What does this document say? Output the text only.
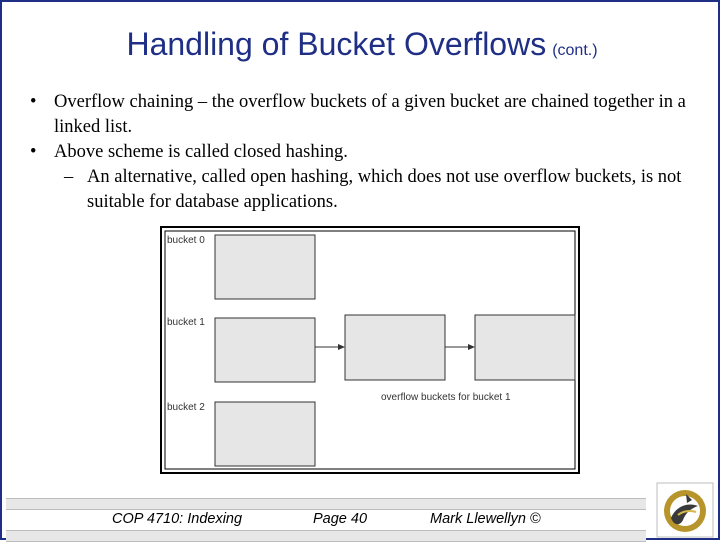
Handling of Bucket Overflows (cont.)
• Overflow chaining – the overflow buckets of a given bucket are chained together in a linked list.
• Above scheme is called closed hashing.
– An alternative, called open hashing, which does not use overflow buckets, is not suitable for database applications.
bucket 0
bucket 1
bucket 2
overflow buckets for bucket 1
COP 4710: Indexing	Page 40	Mark Llewellyn ©
